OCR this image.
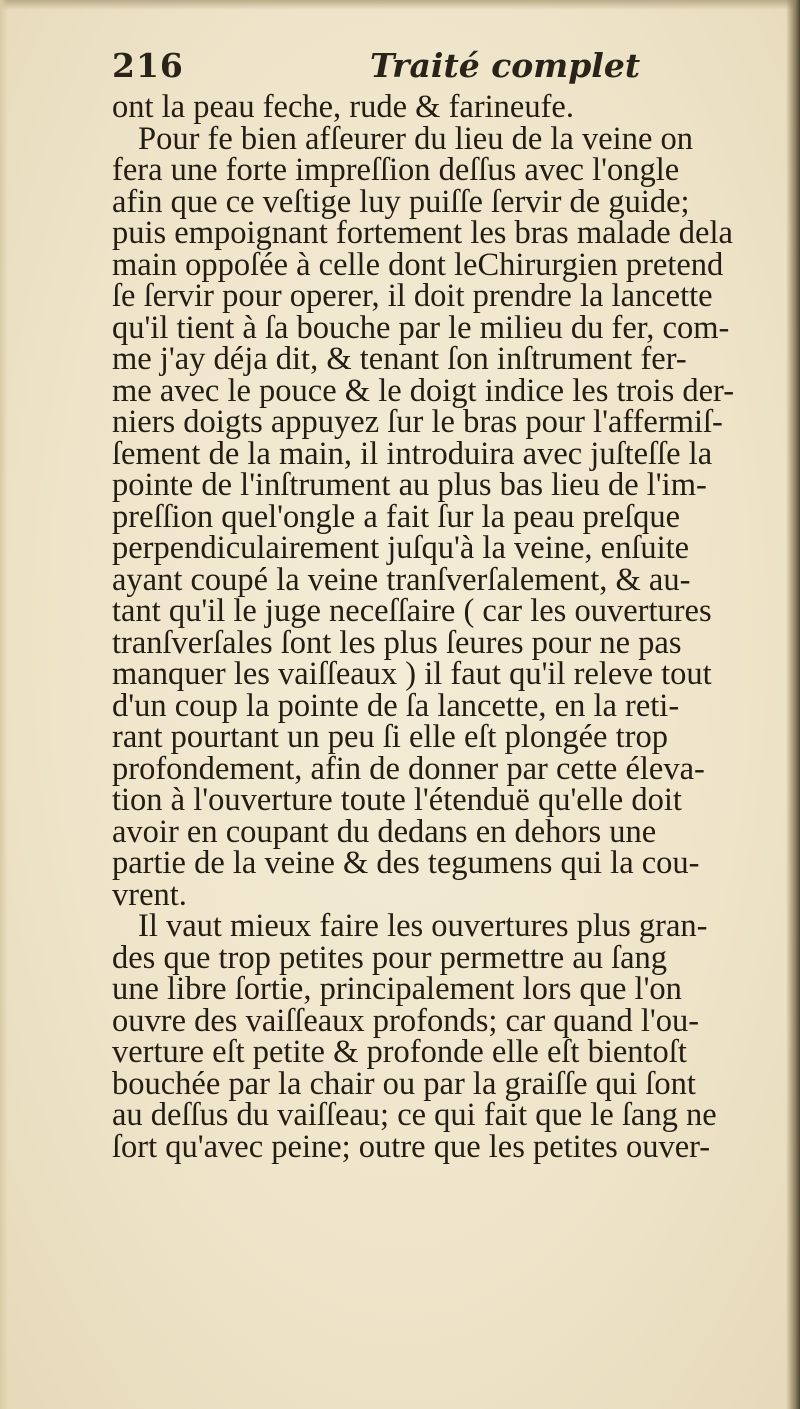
216	Traité complet
ont la peau feche, rude & farineufe.
Pour fe bien afſeurer du lieu de la veine on
fera une forte impreſſion deſſus avec l'ongle
afin que ce veſtige luy puiſſe ſervir de guide;
puis empoignant fortement les bras malade dela
main oppoſée à celle dont leChirurgien pretend
ſe ſervir pour operer, il doit prendre la lancette
qu'il tient à ſa bouche par le milieu du fer, com-
me j'ay déja dit, & tenant ſon inſtrument fer-
me avec le pouce & le doigt indice les trois der-
niers doigts appuyez ſur le bras pour l'affermiſ-
ſement de la main, il introduira avec juſteſſe la
pointe de l'inſtrument au plus bas lieu de l'im-
preſſion quel'ongle a fait ſur la peau preſque
perpendiculairement juſqu'à la veine, enſuite
ayant coupé la veine tranſverſalement, & au-
tant qu'il le juge neceſſaire ( car les ouvertures
tranſverſales ſont les plus ſeures pour ne pas
manquer les vaiſſeaux ) il faut qu'il releve tout
d'un coup la pointe de ſa lancette, en la reti-
rant pourtant un peu ſi elle eſt plongée trop
profondement, afin de donner par cette éleva-
tion à l'ouverture toute l'étenduë qu'elle doit
avoir en coupant du dedans en dehors une
partie de la veine & des tegumens qui la cou-
vrent.
Il vaut mieux faire les ouvertures plus gran-
des que trop petites pour permettre au ſang
une libre ſortie, principalement lors que l'on
ouvre des vaiſſeaux profonds; car quand l'ou-
verture eſt petite & profonde elle eſt bientoſt
bouchée par la chair ou par la graiſſe qui ſont
au deſſus du vaiſſeau; ce qui fait que le ſang ne
ſort qu'avec peine; outre que les petites ouver-
